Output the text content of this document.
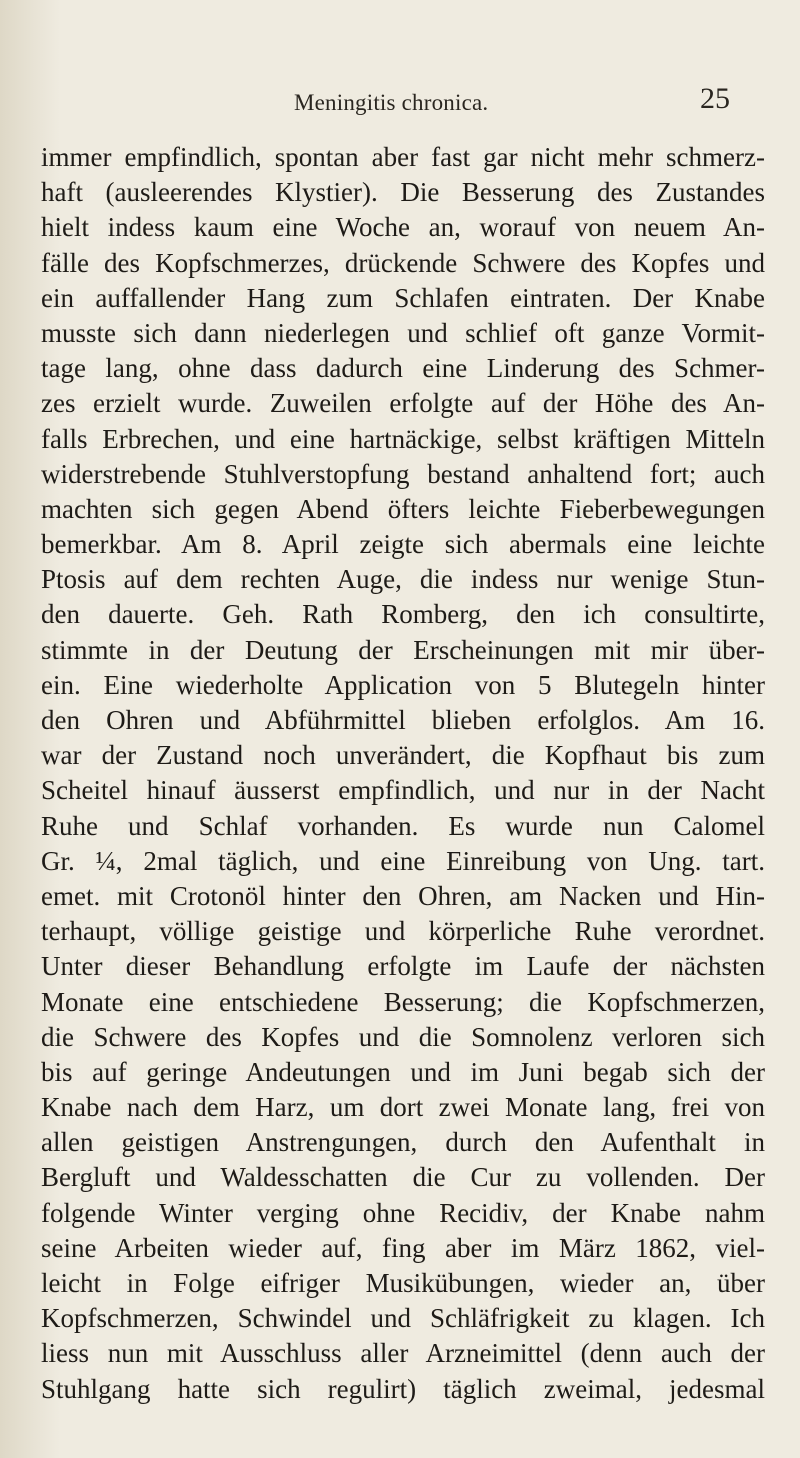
Meningitis chronica.	25
immer empfindlich, spontan aber fast gar nicht mehr schmerz-
haft (ausleerendes Klystier). Die Besserung des Zustandes
hielt indess kaum eine Woche an, worauf von neuem An-
fälle des Kopfschmerzes, drückende Schwere des Kopfes und
ein auffallender Hang zum Schlafen eintraten. Der Knabe
musste sich dann niederlegen und schlief oft ganze Vormit-
tage lang, ohne dass dadurch eine Linderung des Schmer-
zes erzielt wurde. Zuweilen erfolgte auf der Höhe des An-
falls Erbrechen, und eine hartnäckige, selbst kräftigen Mitteln
widerstrebende Stuhlverstopfung bestand anhaltend fort; auch
machten sich gegen Abend öfters leichte Fieberbewegungen
bemerkbar. Am 8. April zeigte sich abermals eine leichte
Ptosis auf dem rechten Auge, die indess nur wenige Stun-
den dauerte. Geh. Rath Romberg, den ich consultirte,
stimmte in der Deutung der Erscheinungen mit mir über-
ein. Eine wiederholte Application von 5 Blutegeln hinter
den Ohren und Abführmittel blieben erfolglos. Am 16.
war der Zustand noch unverändert, die Kopfhaut bis zum
Scheitel hinauf äusserst empfindlich, und nur in der Nacht
Ruhe und Schlaf vorhanden. Es wurde nun Calomel
Gr. ¼, 2mal täglich, und eine Einreibung von Ung. tart.
emet. mit Crotonöl hinter den Ohren, am Nacken und Hin-
terhaupt, völlige geistige und körperliche Ruhe verordnet.
Unter dieser Behandlung erfolgte im Laufe der nächsten
Monate eine entschiedene Besserung; die Kopfschmerzen,
die Schwere des Kopfes und die Somnolenz verloren sich
bis auf geringe Andeutungen und im Juni begab sich der
Knabe nach dem Harz, um dort zwei Monate lang, frei von
allen geistigen Anstrengungen, durch den Aufenthalt in
Bergluft und Waldesschatten die Cur zu vollenden. Der
folgende Winter verging ohne Recidiv, der Knabe nahm
seine Arbeiten wieder auf, fing aber im März 1862, viel-
leicht in Folge eifriger Musikübungen, wieder an, über
Kopfschmerzen, Schwindel und Schläfrigkeit zu klagen. Ich
liess nun mit Ausschluss aller Arzneimittel (denn auch der
Stuhlgang hatte sich regulirt) täglich zweimal, jedesmal
